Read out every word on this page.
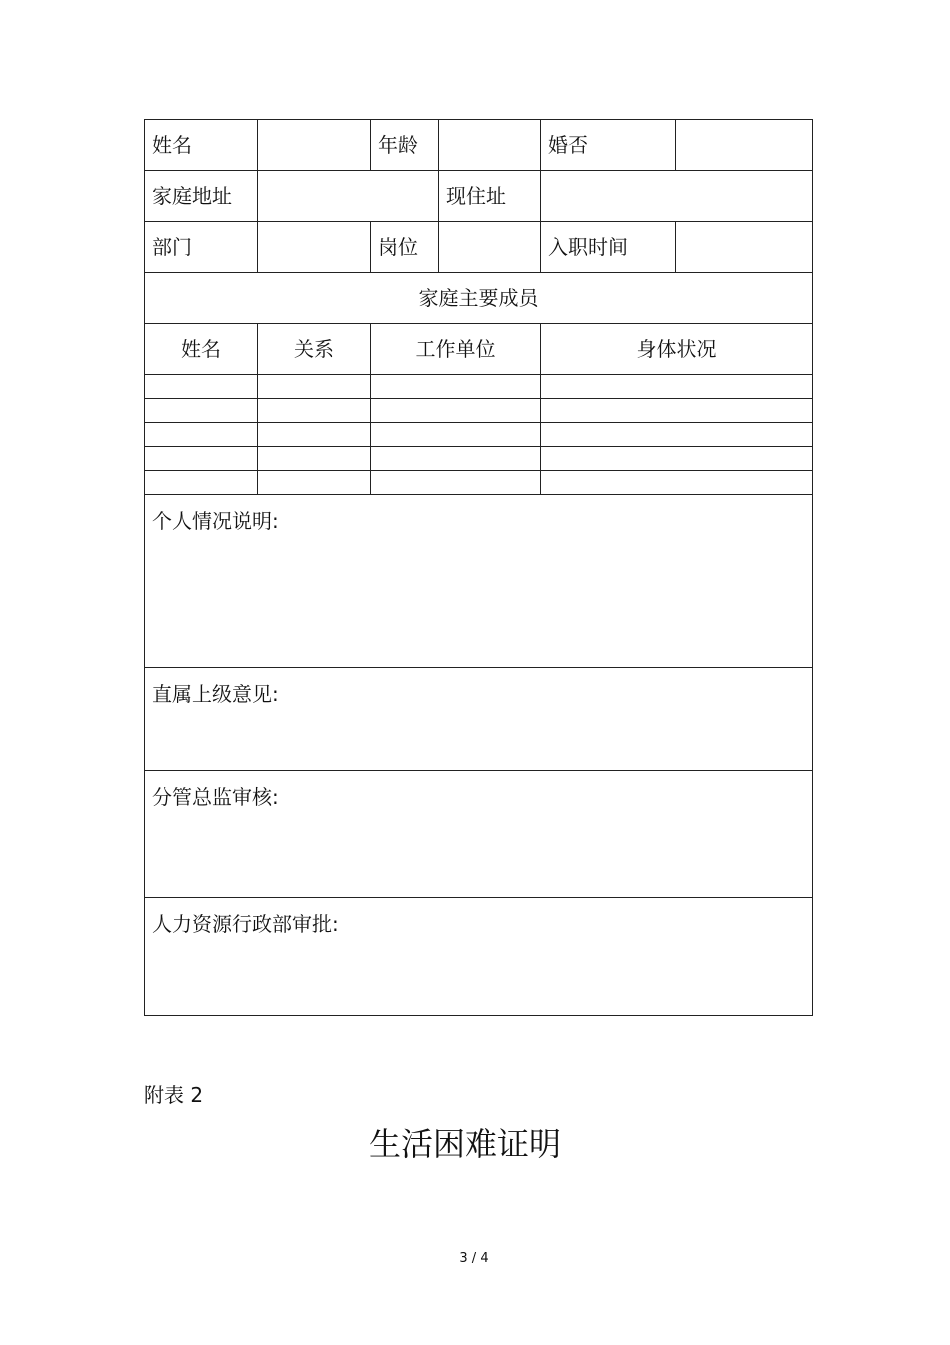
姓名		年龄		婚否	
家庭地址			现住址		
部门		岗位		入职时间	
家庭主要成员					
姓名	关系	工作单位		身体状况	

个人情况说明:					
直属上级意见:					
分管总监审核:					
人力资源行政部审批:					
附表 2
生活困难证明
3 / 4
